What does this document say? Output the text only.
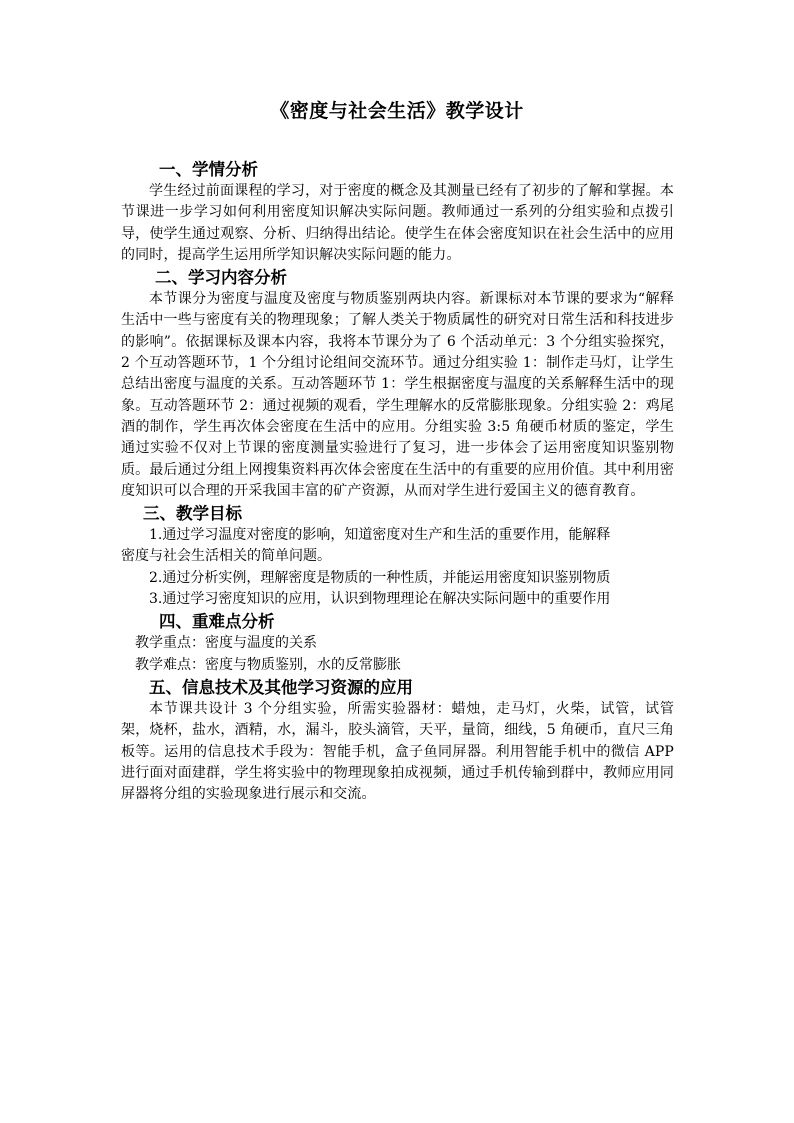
《密度与社会生活》教学设计
一、学情分析

学生经过前面课程的学习，对于密度的概念及其测量已经有了初步的了解和掌握。本节课进一步学习如何利用密度知识解决实际问题。教师通过一系列的分组实验和点拨引导，使学生通过观察、分析、归纳得出结论。使学生在体会密度知识在社会生活中的应用的同时，提高学生运用所学知识解决实际问题的能力。

二、学习内容分析

本节课分为密度与温度及密度与物质鉴别两块内容。新课标对本节课的要求为“解释生活中一些与密度有关的物理现象；了解人类关于物质属性的研究对日常生活和科技进步的影响”。依据课标及课本内容，我将本节课分为了 6 个活动单元：3 个分组实验探究，2 个互动答题环节，1 个分组讨论组间交流环节。通过分组实验 1：制作走马灯，让学生总结出密度与温度的关系。互动答题环节 1：学生根据密度与温度的关系解释生活中的现象。互动答题环节 2：通过视频的观看，学生理解水的反常膨胀现象。分组实验 2：鸡尾酒的制作，学生再次体会密度在生活中的应用。分组实验 3:5 角硬币材质的鉴定，学生通过实验不仅对上节课的密度测量实验进行了复习，进一步体会了运用密度知识鉴别物质。最后通过分组上网搜集资料再次体会密度在生活中的有重要的应用价值。其中利用密度知识可以合理的开采我国丰富的矿产资源，从而对学生进行爱国主义的德育教育。

三、教学目标
1.通过学习温度对密度的影响，知道密度对生产和生活的重要作用，能解释
密度与社会生活相关的简单问题。
2.通过分析实例，理解密度是物质的一种性质，并能运用密度知识鉴别物质
3.通过学习密度知识的应用，认识到物理理论在解决实际问题中的重要作用
四、重难点分析
教学重点：密度与温度的关系
教学难点：密度与物质鉴别，水的反常膨胀
五、信息技术及其他学习资源的应用

本节课共设计 3 个分组实验，所需实验器材：蜡烛，走马灯，火柴，试管，试管架，烧杯，盐水，酒精，水，漏斗，胶头滴管，天平，量筒，细线，5 角硬币，直尺三角板等。运用的信息技术手段为：智能手机，盒子鱼同屏器。利用智能手机中的微信 APP 进行面对面建群，学生将实验中的物理现象拍成视频，通过手机传输到群中，教师应用同屏器将分组的实验现象进行展示和交流。
